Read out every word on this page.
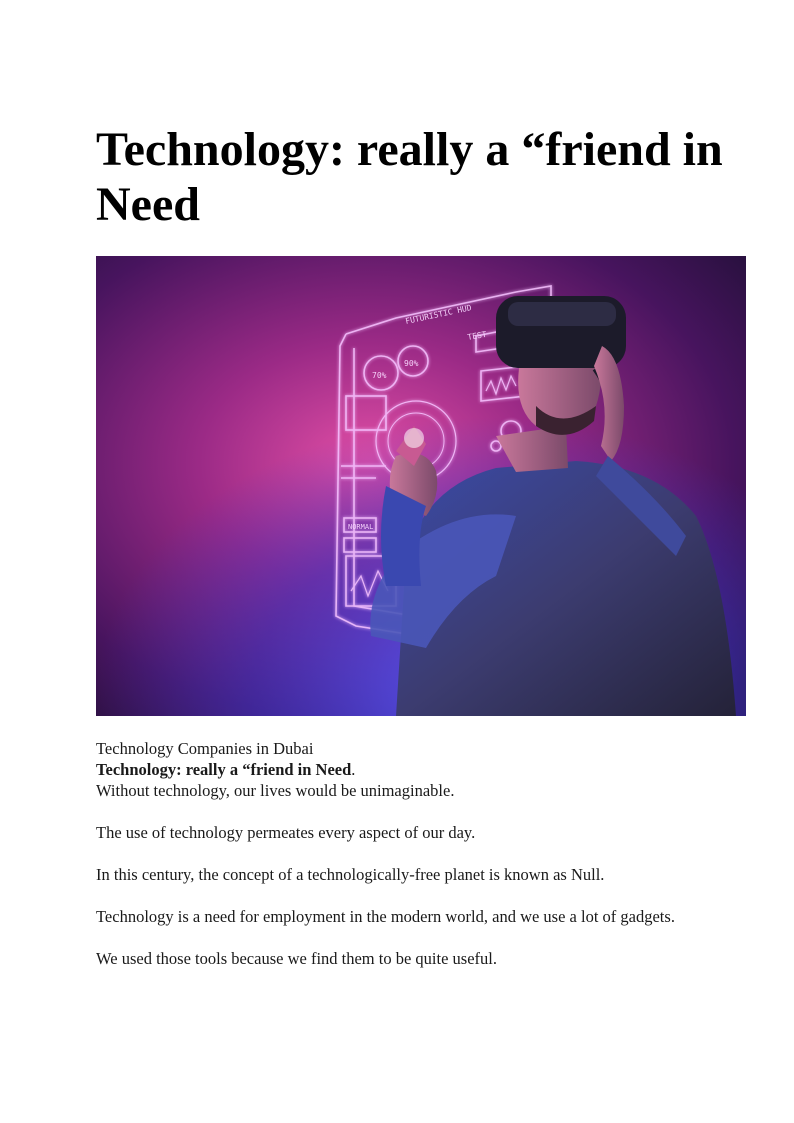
Technology: really a “friend in Need
FUTURISTIC HUD
TEST
70%
90%
NORMAL

Technology Companies in Dubai

Technology: really a “friend in Need.

Without technology, our lives would be unimaginable.

The use of technology permeates every aspect of our day.

In this century, the concept of a technologically-free planet is known as Null.

Technology is a need for employment in the modern world, and we use a lot of gadgets.

We used those tools because we find them to be quite useful.
